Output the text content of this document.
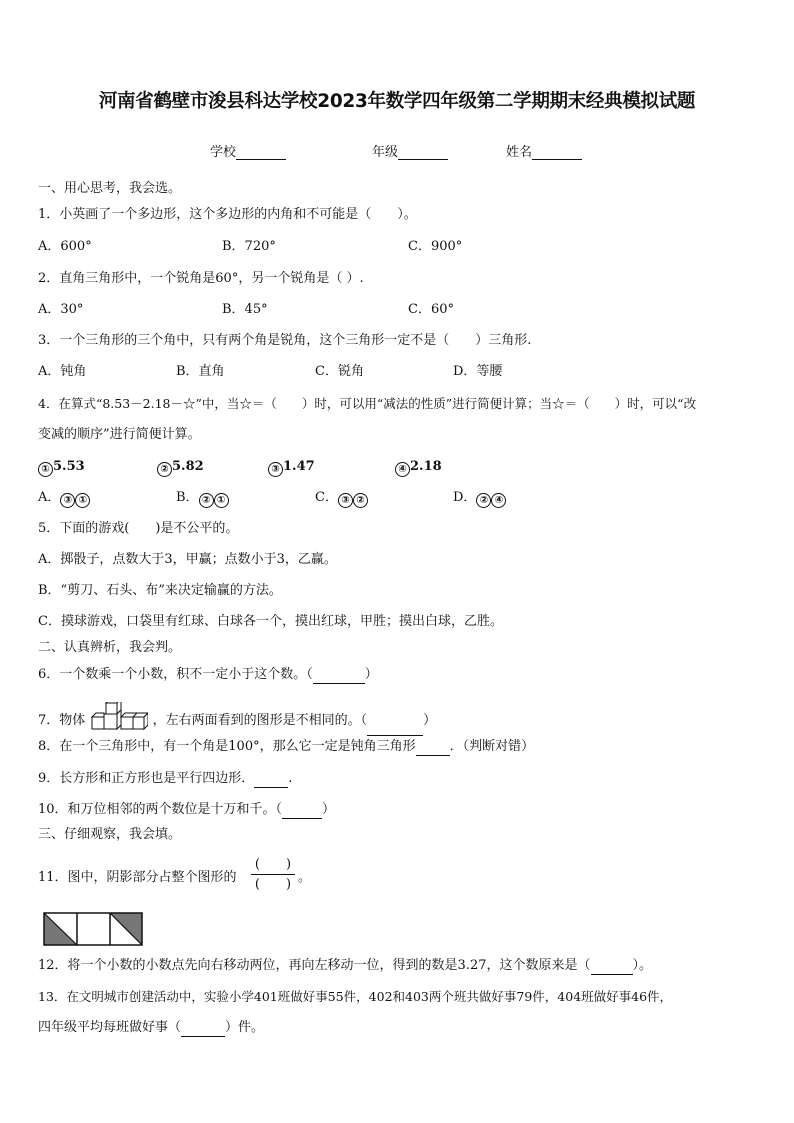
河南省鹤壁市浚县科达学校2023年数学四年级第二学期期末经典模拟试题
学校	年级	姓名
一、用心思考，我会选。
1．小英画了一个多边形，这个多边形的内角和不可能是（　　）。
A．600°	B．720°	C．900°
2．直角三角形中，一个锐角是60°，另一个锐角是（ ）.
A．30°	B．45°	C．60°
3．一个三角形的三个角中，只有两个角是锐角，这个三角形一定不是（　　）三角形.
A．钝角	B．直角	C．锐角	D．等腰
4．在算式“8.53－2.18－☆”中，当☆＝（　　）时，可以用“减法的性质”进行简便计算；当☆＝（　　）时，可以“改
变减的顺序”进行简便计算。
① 5.53	② 5.82	③ 1.47	④ 2.18
A． ③ ①	B． ② ①	C． ③ ②	D． ② ④
5．下面的游戏(　　)是不公平的。
A．掷骰子，点数大于3，甲赢；点数小于3，乙赢。
B．“剪刀、石头、布”来决定输赢的方法。
C．摸球游戏，口袋里有红球、白球各一个，摸出红球，甲胜；摸出白球，乙胜。
二、认真辨析，我会判。
6．一个数乘一个小数，积不一定小于这个数。（	）
7．物体	，左右两面看到的图形是不相同的。（	）
8．在一个三角形中，有一个角是100°，那么它一定是钝角三角形	．（判断对错）
9．长方形和正方形也是平行四边形．	.
10．和万位相邻的两个数位是十万和千。（	）
三、仔细观察，我会填。
11．图中，阴影部分占整个图形的
(　　)
(　　) 。
12．将一个小数的小数点先向右移动两位，再向左移动一位，得到的数是3.27，这个数原来是（	）。
13．在文明城市创建活动中，实验小学401班做好事55件，402和403两个班共做好事79件，404班做好事46件，
四年级平均每班做好事（	）件。
